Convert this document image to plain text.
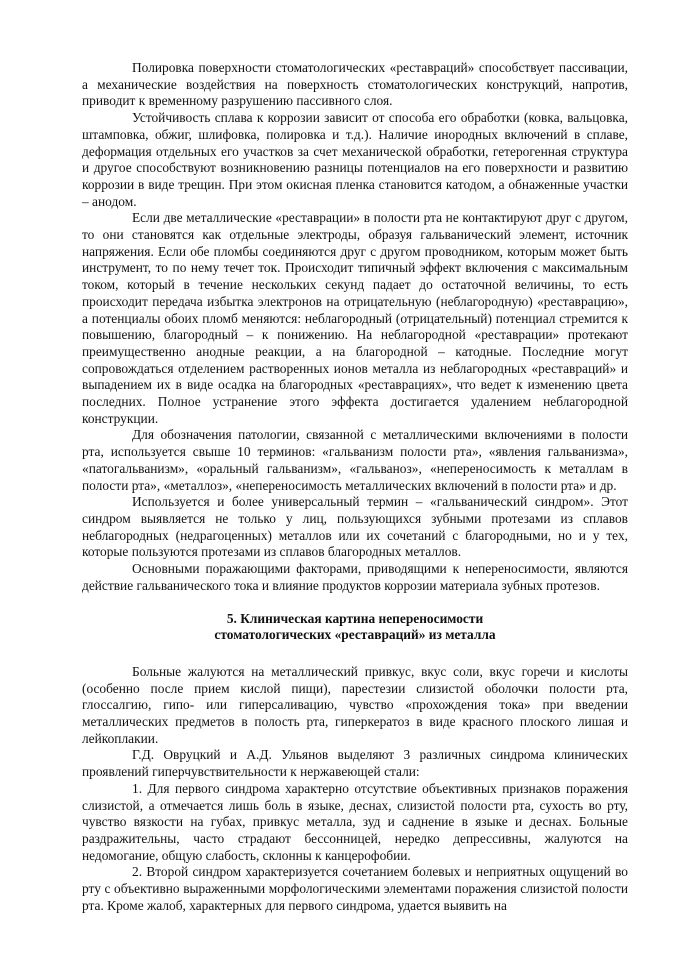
Полировка поверхности стоматологических «реставраций» способствует пассивации, а механические воздействия на поверхность стоматологических конструкций, напротив, приводит к временному разрушению пассивного слоя.

Устойчивость сплава к коррозии зависит от способа его обработки (ковка, вальцовка, штамповка, обжиг, шлифовка, полировка и т.д.). Наличие инородных включений в сплаве, деформация отдельных его участков за счет механической обработки, гетерогенная структура и другое способствуют возникновению разницы потенциалов на его поверхности и развитию коррозии в виде трещин. При этом окисная пленка становится катодом, а обнаженные участки – анодом.

Если две металлические «реставрации» в полости рта не контактируют друг с другом, то они становятся как отдельные электроды, образуя гальванический элемент, источник напряжения. Если обе пломбы соединяются друг с другом проводником, которым может быть инструмент, то по нему течет ток. Происходит типичный эффект включения с максимальным током, который в течение нескольких секунд падает до остаточной величины, то есть происходит передача избытка электронов на отрицательную (неблагородную) «реставрацию», а потенциалы обоих пломб меняются: неблагородный (отрицательный) потенциал стремится к повышению, благородный – к понижению. На неблагородной «реставрации» протекают преимущественно анодные реакции, а на благородной – катодные. Последние могут сопровождаться отделением растворенных ионов металла из неблагородных «реставраций» и выпадением их в виде осадка на благородных «реставрациях», что ведет к изменению цвета последних. Полное устранение этого эффекта достигается удалением неблагородной конструкции.

Для обозначения патологии, связанной с металлическими включениями в полости рта, используется свыше 10 терминов: «гальванизм полости рта», «явления гальванизма», «патогальванизм», «оральный гальванизм», «гальваноз», «непереносимость к металлам в полости рта», «металлоз», «непереносимость металлических включений в полости рта» и др.

Используется и более универсальный термин – «гальванический синдром». Этот синдром выявляется не только у лиц, пользующихся зубными протезами из сплавов неблагородных (недрагоценных) металлов или их сочетаний с благородными, но и у тех, которые пользуются протезами из сплавов благородных металлов.

Основными поражающими факторами, приводящими к непереносимости, являются действие гальванического тока и влияние продуктов коррозии материала зубных протезов.

5. Клиническая картина непереносимости
стоматологических «реставраций» из металла

Больные жалуются на металлический привкус, вкус соли, вкус горечи и кислоты (особенно после прием кислой пищи), парестезии слизистой оболочки полости рта, глоссалгию, гипо- или гиперсаливацию, чувство «прохождения тока» при введении металлических предметов в полость рта, гиперкератоз в виде красного плоского лишая и лейкоплакии.

Г.Д. Овруцкий и А.Д. Ульянов выделяют 3 различных синдрома клинических проявлений гиперчувствительности к нержавеющей стали:

1. Для первого синдрома характерно отсутствие объективных признаков поражения слизистой, а отмечается лишь боль в языке, деснах, слизистой полости рта, сухость во рту, чувство вязкости на губах, привкус металла, зуд и саднение в языке и деснах. Больные раздражительны, часто страдают бессонницей, нередко депрессивны, жалуются на недомогание, общую слабость, склонны к канцерофобии.

2. Второй синдром характеризуется сочетанием болевых и неприятных ощущений во рту с объективно выраженными морфологическими элементами поражения слизистой полости рта. Кроме жалоб, характерных для первого синдрома, удается выявить на
